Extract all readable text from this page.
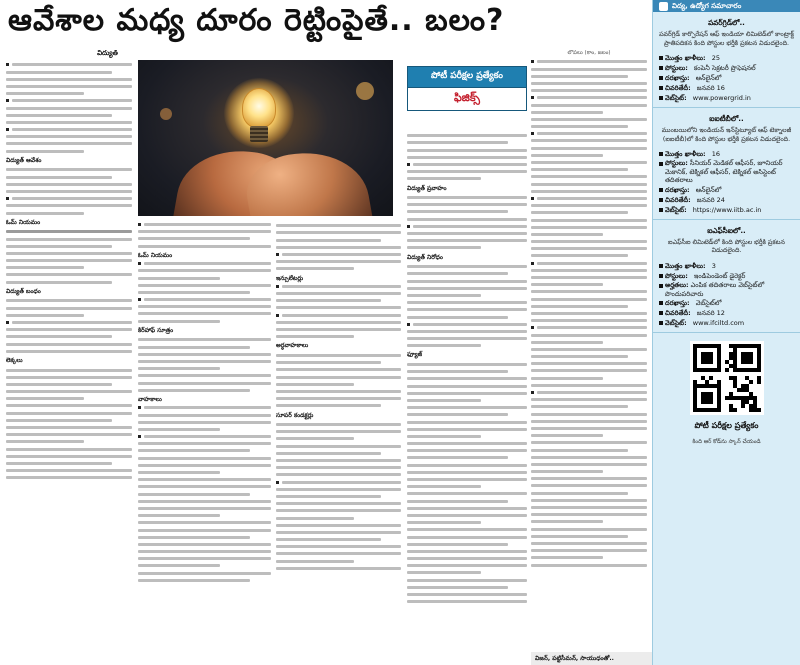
ఆవేశాల మధ్య దూరం రెట్టింపైతే.. బలం?
విద్యుత్
విద్యుత్ ఆవేశం
ఓమ్ నియమం
విద్యుత్ బంధం
లెక్కలు
ఓమ్ నియమం
కిర్‌హాఫ్ సూత్రం
వాహకాలు
ఇన్సులేటర్లు
అర్ధవాహకాలు
సూపర్ కండక్టర్లు
పోటీ పరీక్షల ప్రత్యేకం
ఫిజిక్స్
విద్యుత్ ప్రవాహం
విద్యుత్ నిరోధం
ఫ్యూజ్
లోపలు (కాం, జలం)
విజన్, పట్టిసీమన్, సాయుధంతో..
విద్య, ఉద్యోగ సమాచారం
పవర్‌గ్రిడ్‌లో..
పవర్‌గ్రిడ్ కార్పొరేషన్ ఆఫ్ ఇండియా లిమిటెడ్‌లో కాంట్రాక్ట్ ప్రాతిపదికన కింది పోస్టుల భర్తీకి ప్రకటన విడుదలైంది.
మొత్తం ఖాళీలు:
25
పోస్టులు:
కంపెనీ సెక్రటరీ ప్రొఫెషనల్
దరఖాస్తు:
ఆన్‌లైన్‌లో
చివరితేదీ:
జనవరి 16
వెబ్‌సైట్:
www.powergrid.in
ఐఐటీబీలో..
ముంబయిలోని ఇండియన్ ఇన్‌స్టిట్యూట్ ఆఫ్ టెక్నాలజీ (ఐఐటీబీ)లో కింది పోస్టుల భర్తీకి ప్రకటన విడుదలైంది.
మొత్తం ఖాళీలు:
16
పోస్టులు: సీనియర్ మెడికల్ ఆఫీసర్, జూనియర్ మెకానిక్, టెక్నికల్ ఆఫీసర్, టెక్నికల్ అసిస్టెంట్ తదితరాలు
దరఖాస్తు:
ఆన్‌లైన్‌లో
చివరితేదీ:
జనవరి 24
వెబ్‌సైట్:
https://www.iitb.ac.in
ఐఎఫ్‌సీఐలో..
ఐఎఫ్‌సీఐ లిమిటెడ్‌లో కింది పోస్టుల భర్తీకి ప్రకటన విడుదలైంది.
మొత్తం ఖాళీలు:
3
పోస్టులు:
ఇండిపెండెంట్ డైరెక్టర్
అర్హతలు: ఎంపిక తదితరాలు వెబ్‌సైట్‌లో పొందుపరిచారు
దరఖాస్తు:
వెబ్‌సైట్‌లో
చివరితేదీ:
జనవరి 12
వెబ్‌సైట్:
www.ifciltd.com
పోటీ పరీక్షల ప్రత్యేకం
కింది ఆర్ కోడ్‌ను స్కాన్ చేయండి
